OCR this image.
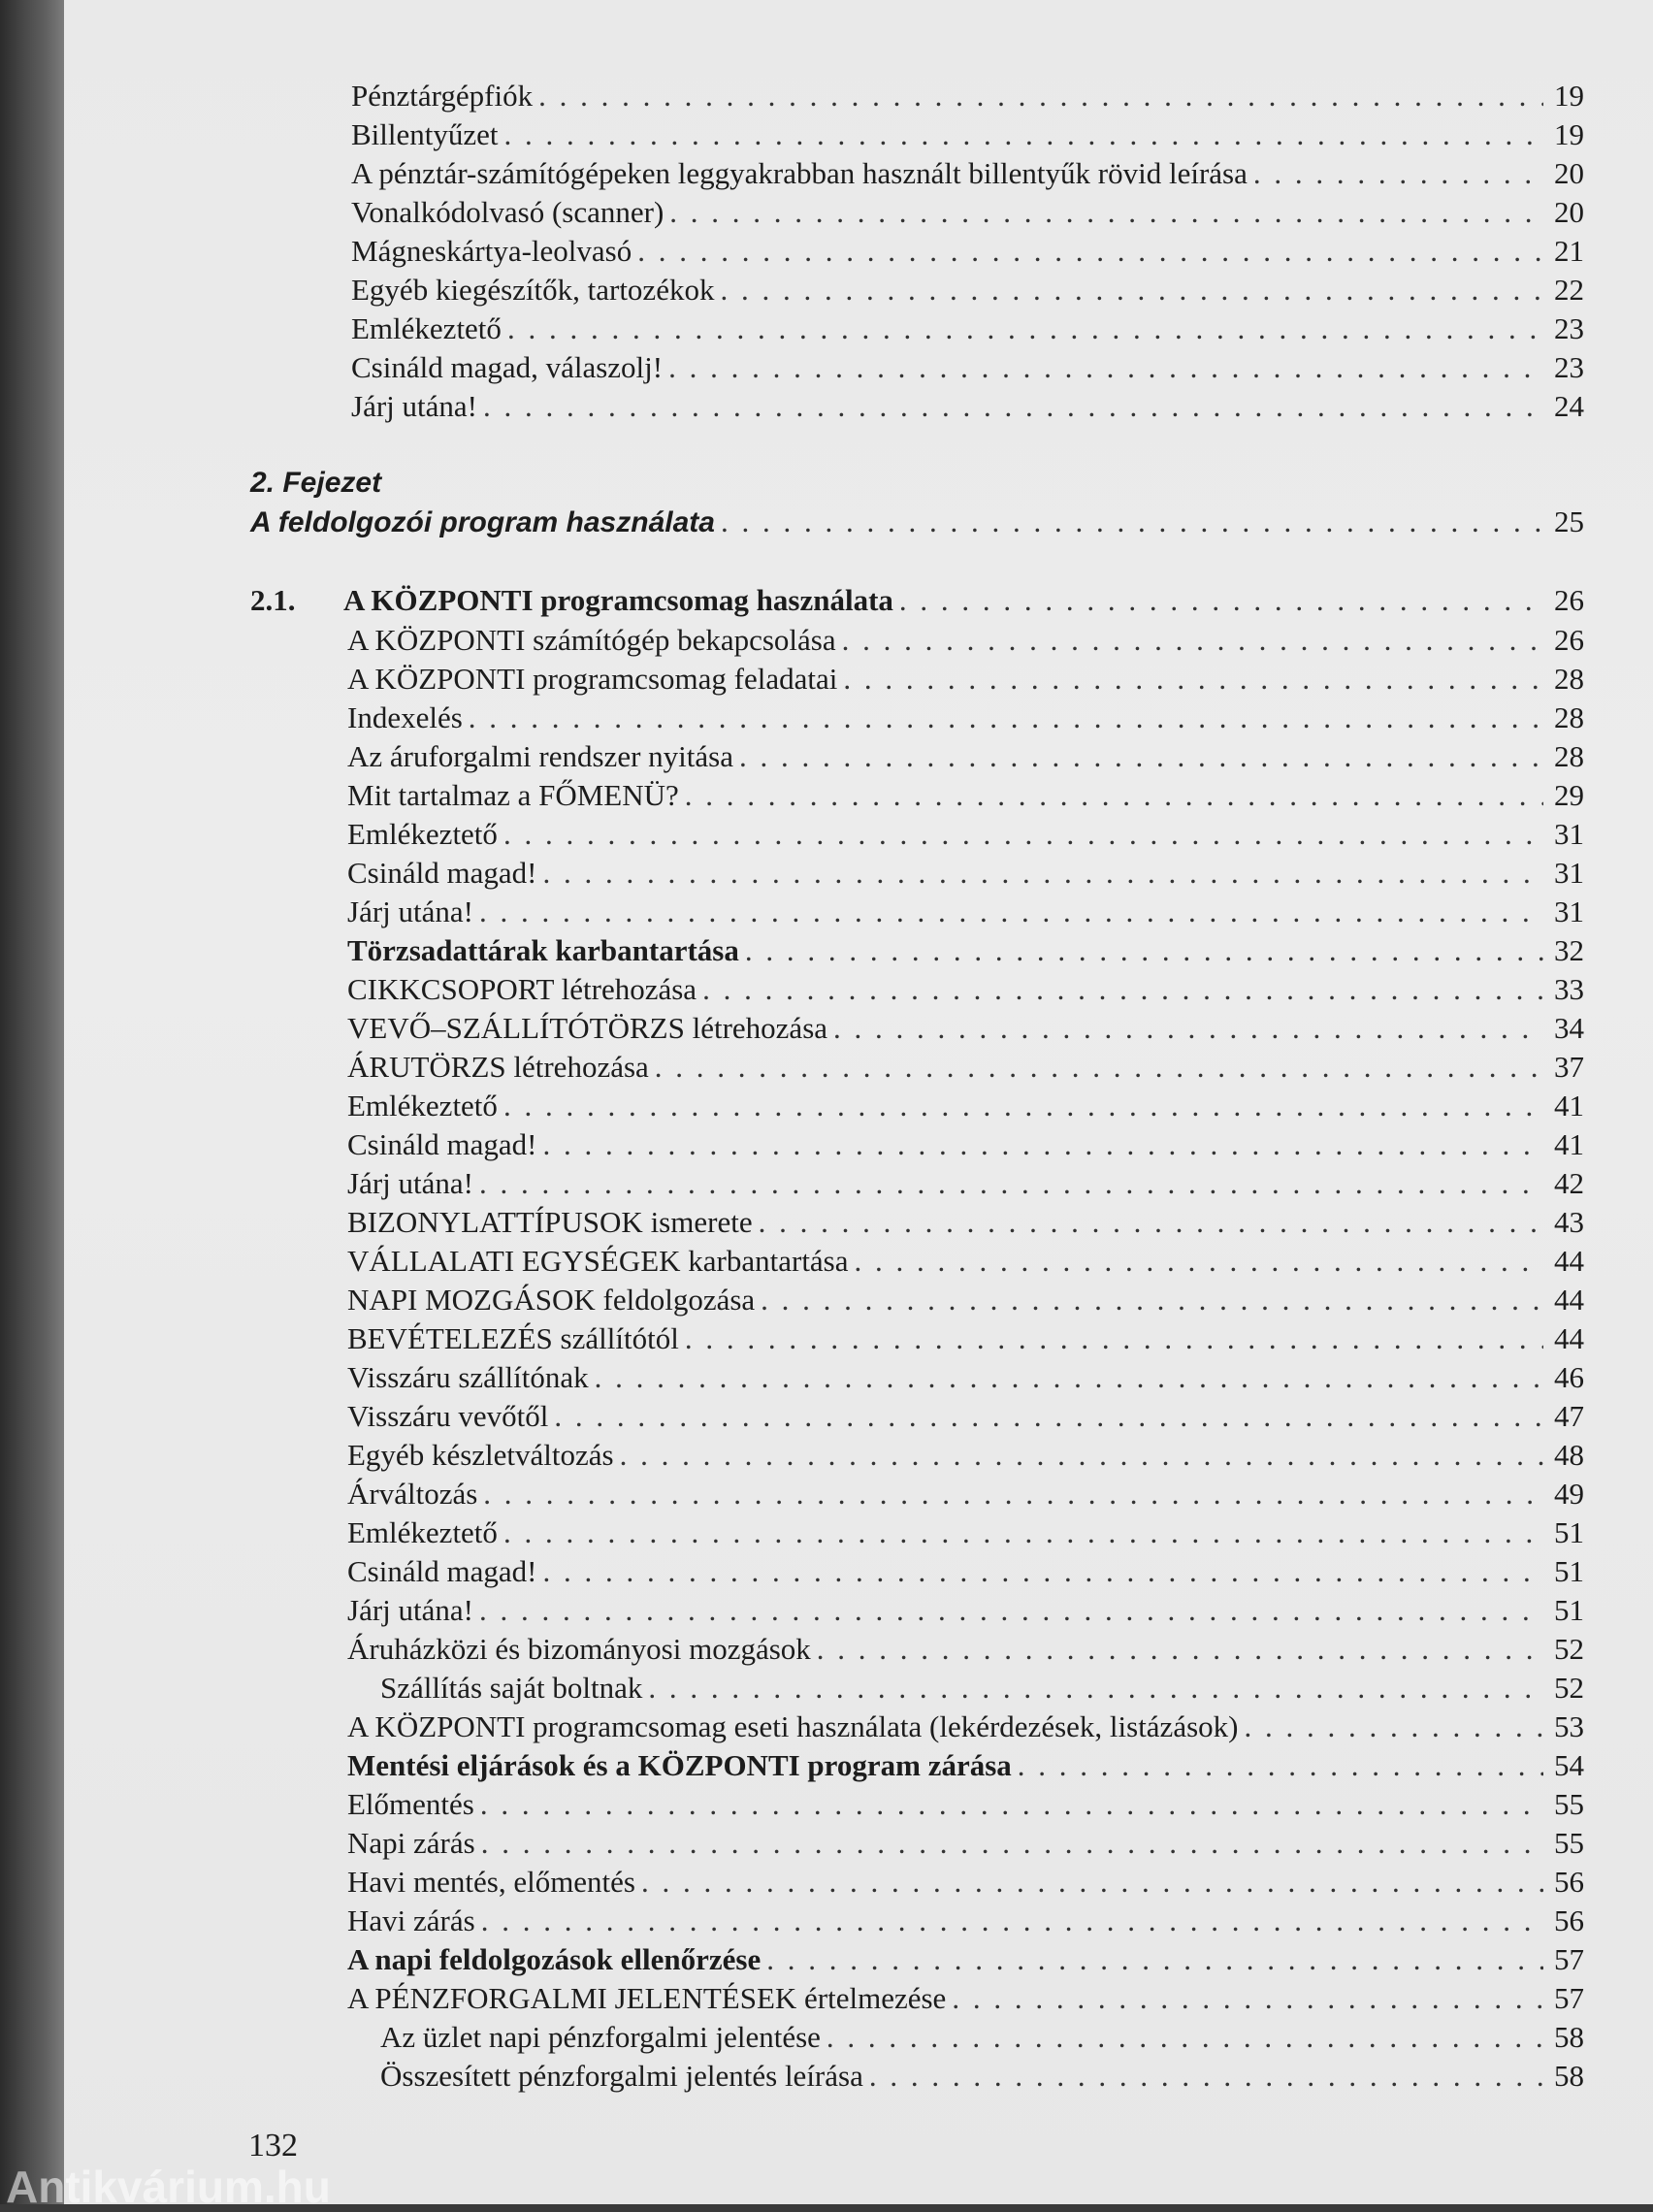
Pénztárgépfiók . . .	19
Billentyűzet . . .	19
A pénztár-számítógépeken leggyakrabban használt billentyűk rövid leírása . . .	20
Vonalkódolvasó (scanner) . . .	20
Mágneskártya-leolvasó . . .	21
Egyéb kiegészítők, tartozékok . . .	22
Emlékeztető . . .	23
Csináld magad, válaszolj! . . .	23
Járj utána! . . .	24
2. Fejezet
A feldolgozói program használata . . .	25
2.1.	A KÖZPONTI programcsomag használata . . .	26
A KÖZPONTI számítógép bekapcsolása . . .	26
A KÖZPONTI programcsomag feladatai . . .	28
Indexelés . . .	28
Az áruforgalmi rendszer nyitása . . .	28
Mit tartalmaz a FŐMENÜ? . . .	29
Emlékeztető . . .	31
Csináld magad! . . .	31
Járj utána! . . .	31
Törzsadattárak karbantartása . . .	32
CIKKCSOPORT létrehozása . . .	33
VEVŐ–SZÁLLÍTÓTÖRZS létrehozása . . .	34
ÁRUTÖRZS létrehozása . . .	37
Emlékeztető . . .	41
Csináld magad! . . .	41
Járj utána! . . .	42
BIZONYLATTÍPUSOK ismerete . . .	43
VÁLLALATI EGYSÉGEK karbantartása . . .	44
NAPI MOZGÁSOK feldolgozása . . .	44
BEVÉTELEZÉS szállítótól . . .	44
Visszáru szállítónak . . .	46
Visszáru vevőtől . . .	47
Egyéb készletváltozás . . .	48
Árváltozás . . .	49
Emlékeztető . . .	51
Csináld magad! . . .	51
Járj utána! . . .	51
Áruházközi és bizományosi mozgások . . .	52
Szállítás saját boltnak . . .	52
A KÖZPONTI programcsomag eseti használata (lekérdezések, listázások) . . .	53
Mentési eljárások és a KÖZPONTI program zárása . . .	54
Előmentés . . .	55
Napi zárás . . .	55
Havi mentés, előmentés . . .	56
Havi zárás . . .	56
A napi feldolgozások ellenőrzése . . .	57
A PÉNZFORGALMI JELENTÉSEK értelmezése . . .	57
Az üzlet napi pénzforgalmi jelentése . . .	58
Összesített pénzforgalmi jelentés leírása . . .	58
132
Antikvárium.hu
